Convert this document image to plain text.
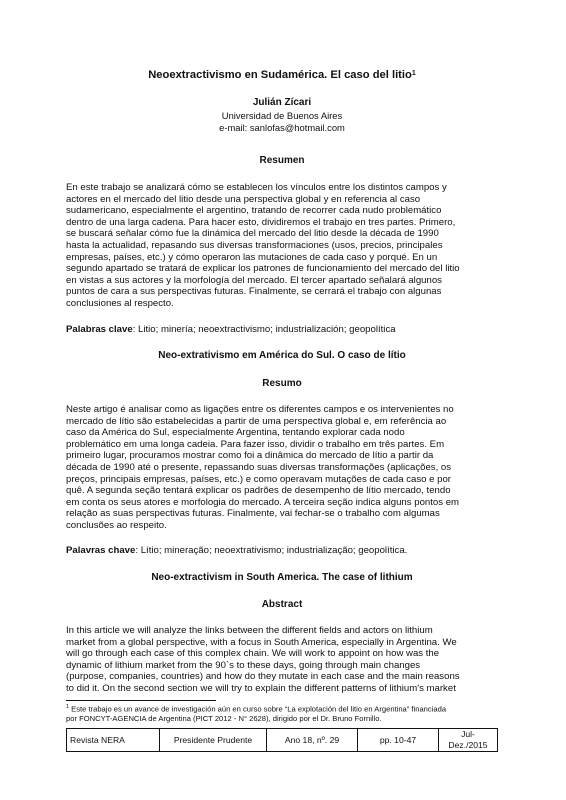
Neoextractivismo en Sudamérica. El caso del litio$^1$
Julián Zícari
Universidad de Buenos Aires
e-mail: sanlofas@hotmail.com
Resumen
En este trabajo se analizará cómo se establecen los vínculos entre los distintos campos y
actores en el mercado del litio desde una perspectiva global y en referencia al caso
sudamericano, especialmente el argentino, tratando de recorrer cada nudo problemático
dentro de una larga cadena. Para hacer esto, dividiremos el trabajo en tres partes. Primero,
se buscará señalar cómo fue la dinámica del mercado del litio desde la década de 1990
hasta la actualidad, repasando sus diversas transformaciones (usos, precios, principales
empresas, países, etc.) y cómo operaron las mutaciones de cada caso y porqué. En un
segundo apartado se tratará de explicar los patrones de funcionamiento del mercado del litio
en vistas a sus actores y la morfología del mercado. El tercer apartado señalará algunos
puntos de cara a sus perspectivas futuras. Finalmente, se cerrará el trabajo con algunas
conclusiones al respecto.
Palabras clave: Litio; minería; neoextractivismo; industrialización; geopolítica
Neo-extrativismo em América do Sul. O caso de lítio
Resumo
Neste artigo é analisar como as ligações entre os diferentes campos e os intervenientes no
mercado de lítio são estabelecidas a partir de uma perspectiva global e, em referência ao
caso da América do Sul, especialmente Argentina, tentando explorar cada nodo
problemático em uma longa cadeia. Para fazer isso, dividir o trabalho em três partes. Em
primeiro lugar, procuramos mostrar como foi a dinâmica do mercado de lítio a partir da
década de 1990 até o presente, repassando suas diversas transformações (aplicações, os
preços, principais empresas, países, etc.) e como operavam mutações de cada caso e por
quê. A segunda seção tentará explicar os padrões de desempenho de lítio mercado, tendo
em conta os seus atores e morfologia do mercado. A terceira seção indica alguns pontos em
relação as suas perspectivas futuras. Finalmente, vai fechar-se o trabalho com algumas
conclusões ao respeito.
Palavras chave: Lítio; mineração; neoextrativismo; industrialização; geopolítica.
Neo-extractivism in South America. The case of lithium
Abstract
In this article we will analyze the links between the different fields and actors on lithium
market from a global perspective, with a focus in South America, especially in Argentina. We
will go through each case of this complex chain. We will work to appoint on how was the
dynamic of lithium market from the 90`s to these days, going through main changes
(purpose, companies, countries) and how do they mutate in each case and the main reasons
to did it. On the second section we will try to explain the different patterns of lithium's market
$^1$ Este trabajo es un avance de investigación aún en curso sobre “La explotación del litio en Argentina” financiada
por FONCYT-AGENCIA de Argentina (PICT 2012 - N° 2628), dirigido por el Dr. Bruno Fornillo.
Revista NERA	Presidente Prudente	Ano 18, nº. 29	pp. 10-47	Jul-Dez./2015
